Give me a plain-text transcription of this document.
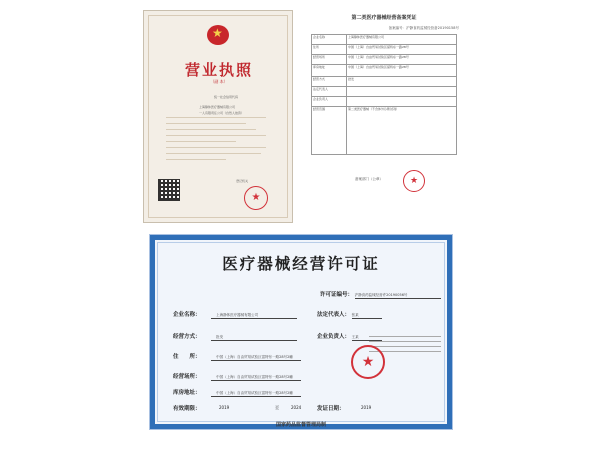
★
营业执照
（副 本）
统一社会信用代码
上海静休医疗器械有限公司
一人有限责任公司（自然人独资）
登记机关
★
第二类医疗器械经营备案凭证
备案编号：沪静食药监械经营备20190158号
企业名称	上海静休医疗器械有限公司
住所	中国（上海）自由贸易试验区富特东一路28号
经营场所	中国（上海）自由贸易试验区富特东一路28号
库房地址	中国（上海）自由贸易试验区富特东一路28号
经营方式	批发
法定代表人	
企业负责人	
经营范围	第二类医疗器械（不含体外诊断试剂）
备案部门（公章）	★
医疗器械经营许可证
许可证编号： 沪静食药监械经营许20190056号
企业名称：	上海静休医疗器械有限公司	法定代表人： 张某
经营方式：	批发	企业负责人： 王某
住　　所：	中国（上海）自由贸易试验区富特东一路28号2幢
经营场所：	中国（上海）自由贸易试验区富特东一路28号2幢
库房地址：	中国（上海）自由贸易试验区富特东一路28号2幢
有效期限：	2019	至	2024	发证日期：	2019
★
国家药品监督管理局制
